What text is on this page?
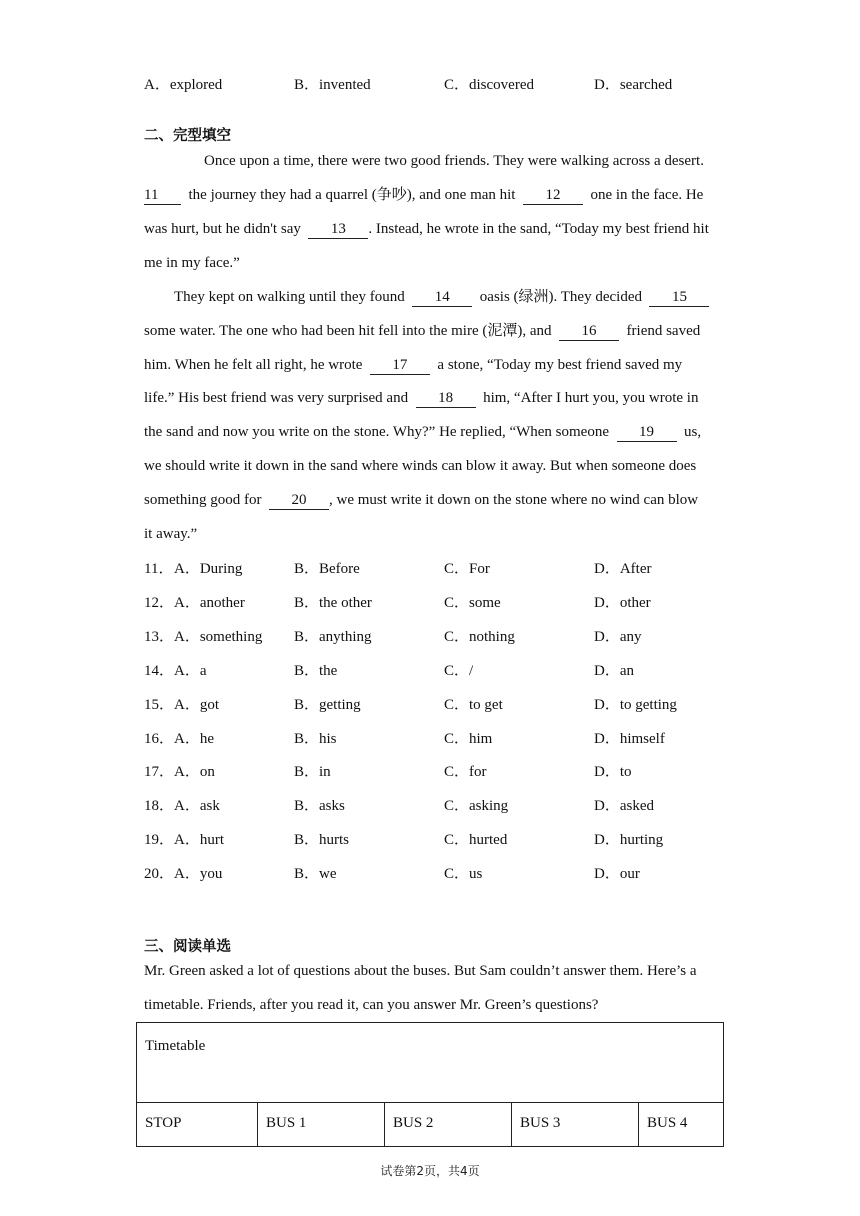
A．explored	B．invented	C．discovered	D．searched
二、完型填空
Once upon a time, there were two good friends. They were walking across a desert.
11 the journey they had a quarrel (争吵), and one man hit 12 one in the face. He
was hurt, but he didn't say 13 . Instead, he wrote in the sand, “Today my best friend hit
me in my face.”
They kept on walking until they found 14 oasis (绿洲). They decided 15
some water. The one who had been hit fell into the mire (泥潭), and 16 friend saved
him. When he felt all right, he wrote 17 a stone, “Today my best friend saved my
life.” His best friend was very surprised and 18 him, “After I hurt you, you wrote in
the sand and now you write on the stone. Why?” He replied, “When someone 19 us,
we should write it down in the sand where winds can blow it away. But when someone does
something good for 20 , we must write it down on the stone where no wind can blow
it away.”
11． A．During	B．Before	C．For	D．After
12． A．another	B．the other	C．some	D．other
13． A．something B．anything	C．nothing	D．any
14． A．a	B．the	C．/	D．an
15． A．got	B．getting	C．to get	D．to getting
16． A．he	B．his	C．him	D．himself
17． A．on	B．in	C．for	D．to
18． A．ask	B．asks	C．asking	D．asked
19． A．hurt	B．hurts	C．hurted	D．hurting
20． A．you	B．we	C．us	D．our
三、阅读单选
Mr. Green asked a lot of questions about the buses. But Sam couldn’t answer them. Here’s a
timetable. Friends, after you read it, can you answer Mr. Green’s questions?
Timetable
STOP	BUS 1	BUS 2	BUS 3	BUS 4
试卷第2页，共4页
